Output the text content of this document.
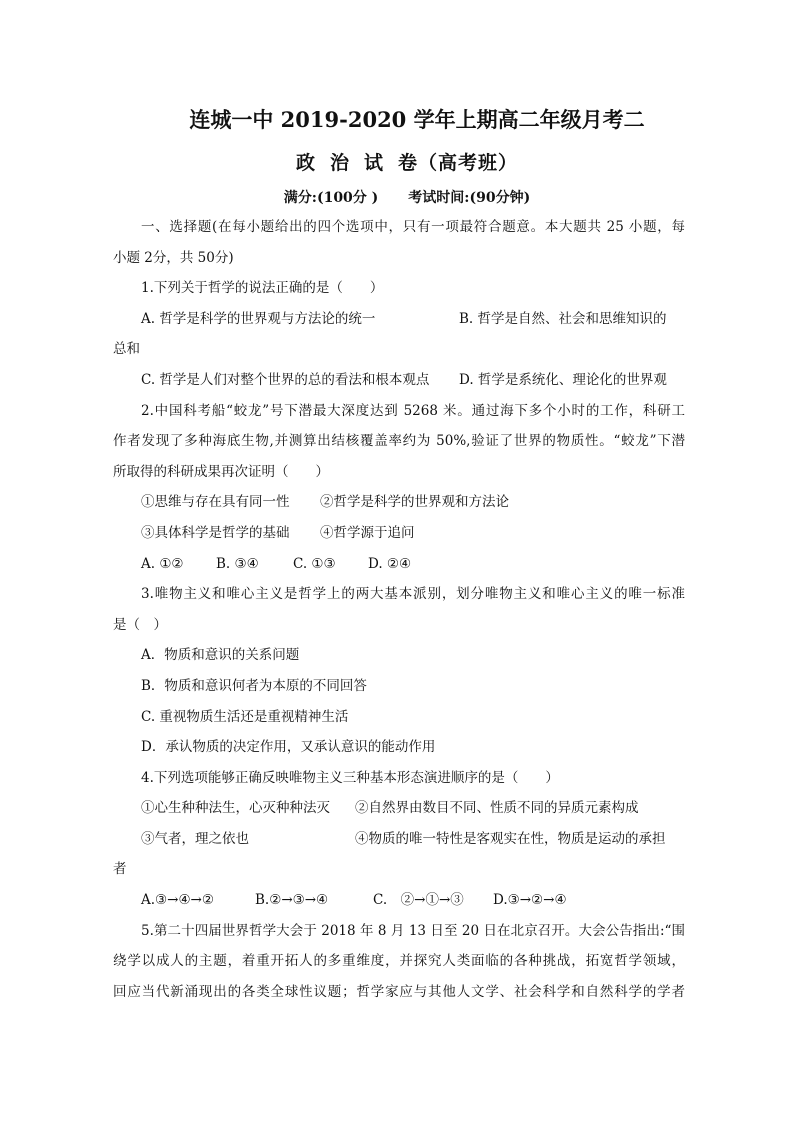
连城一中 2019-2020 学年上期高二年级月考二
政 治 试 卷（高考班）
满分:(100分 ) 考试时间:(90分钟)

一、选择题(在每小题给出的四个选项中，只有一项最符合题意。本大题共 25 小题，每

小题 2分，共 50分)

1.下列关于哲学的说法正确的是（　　）

A. 哲学是科学的世界观与方法论的统一	B. 哲学是自然、社会和思维知识的

总和

C. 哲学是人们对整个世界的总的看法和根本观点	D. 哲学是系统化、理论化的世界观

2.中国科考船“蛟龙”号下潜最大深度达到 5268 米。通过海下多个小时的工作，科研工

作者发现了多种海底生物,并测算出结核覆盖率约为 50%,验证了世界的物质性。“蛟龙”下潜

所取得的科研成果再次证明（　　）

①思维与存在具有同一性	②哲学是科学的世界观和方法论

③具体科学是哲学的基础	④哲学源于追问

A. ①②	B. ③④	C. ①③	D. ②④

3.唯物主义和唯心主义是哲学上的两大基本派别，划分唯物主义和唯心主义的唯一标准

是（　）

A．物质和意识的关系问题

B．物质和意识何者为本原的不同回答

C. 重视物质生活还是重视精神生活

D．承认物质的决定作用，又承认意识的能动作用

4.下列选项能够正确反映唯物主义三种基本形态演进顺序的是（　　）

①心生种种法生，心灭种种法灭	②自然界由数目不同、性质不同的异质元素构成

③气者，理之依也	④物质的唯一特性是客观实在性，物质是运动的承担

者

A.③→④→②	B.②→③→④	C.　②→①→③	D.③→②→④

5.第二十四届世界哲学大会于 2018 年 8 月 13 日至 20 日在北京召开。大会公告指出:“围

绕学以成人的主题，着重开拓人的多重维度，并探究人类面临的各种挑战，拓宽哲学领域，

回应当代新涌现出的各类全球性议题；哲学家应与其他人文学、社会科学和自然科学的学者
